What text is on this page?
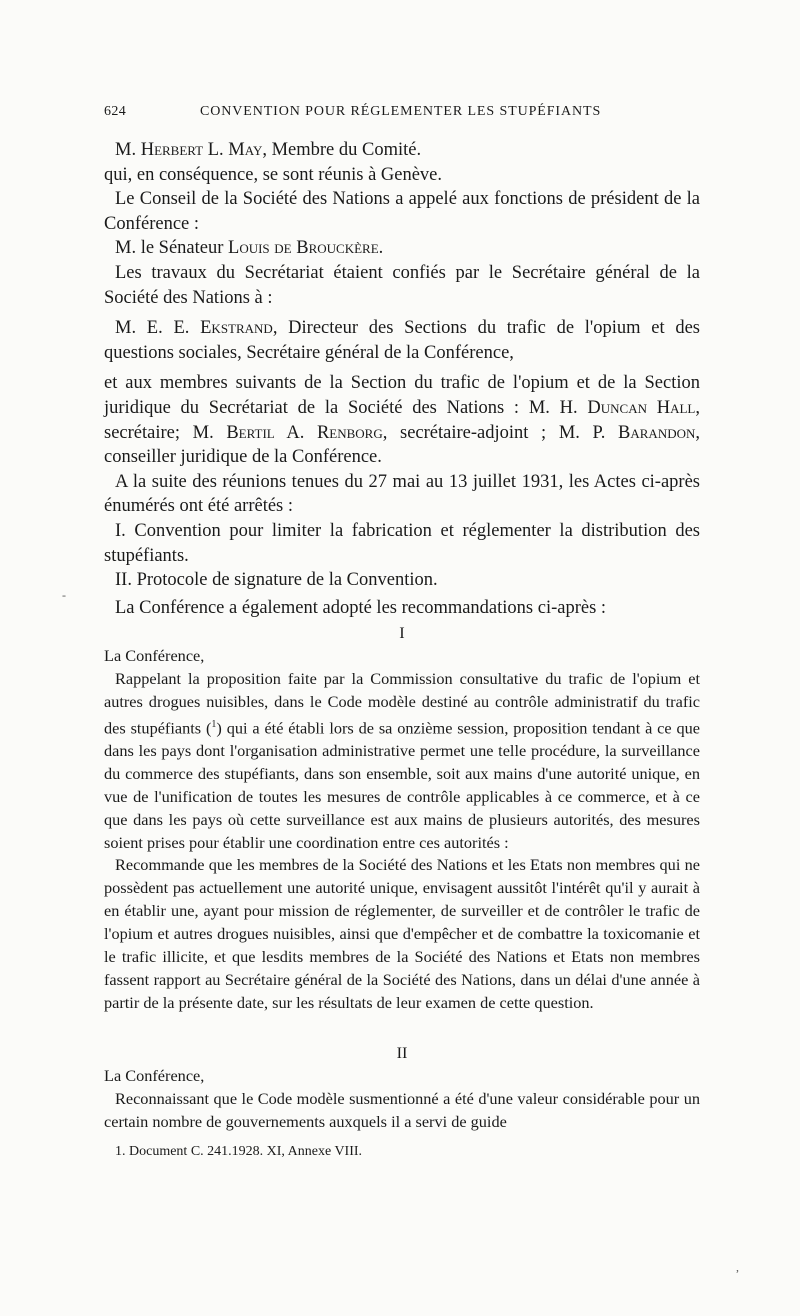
624	CONVENTION POUR RÉGLEMENTER LES STUPÉFIANTS

M. Herbert L. May, Membre du Comité.

qui, en conséquence, se sont réunis à Genève.

Le Conseil de la Société des Nations a appelé aux fonctions de président de la Conférence :

M. le Sénateur Louis de Brouckère.

Les travaux du Secrétariat étaient confiés par le Secrétaire général de la Société des Nations à :

M. E. E. Ekstrand, Directeur des Sections du trafic de l'opium et des questions sociales, Secrétaire général de la Conférence,

et aux membres suivants de la Section du trafic de l'opium et de la Section juridique du Secrétariat de la Société des Nations : M. H. Duncan Hall, secrétaire; M. Bertil A. Renborg, secrétaire-adjoint ; M. P. Barandon, conseiller juridique de la Conférence.

A la suite des réunions tenues du 27 mai au 13 juillet 1931, les Actes ci-après énumérés ont été arrêtés :

I. Convention pour limiter la fabrication et réglementer la distribution des stupéfiants.

II. Protocole de signature de la Convention.

La Conférence a également adopté les recommandations ci-après :

I

La Conférence,

Rappelant la proposition faite par la Commission consultative du trafic de l'opium et autres drogues nuisibles, dans le Code modèle destiné au contrôle administratif du trafic des stupéfiants ($^1$) qui a été établi lors de sa onzième session, proposition tendant à ce que dans les pays dont l'organisation administrative permet une telle procédure, la surveillance du commerce des stupéfiants, dans son ensemble, soit aux mains d'une autorité unique, en vue de l'unification de toutes les mesures de contrôle applicables à ce commerce, et à ce que dans les pays où cette surveillance est aux mains de plusieurs autorités, des mesures soient prises pour établir une coordination entre ces autorités :

Recommande que les membres de la Société des Nations et les Etats non membres qui ne possèdent pas actuellement une autorité unique, envisagent aussitôt l'intérêt qu'il y aurait à en établir une, ayant pour mission de réglementer, de surveiller et de contrôler le trafic de l'opium et autres drogues nuisibles, ainsi que d'empêcher et de combattre la toxicomanie et le trafic illicite, et que lesdits membres de la Société des Nations et Etats non membres fassent rapport au Secrétaire général de la Société des Nations, dans un délai d'une année à partir de la présente date, sur les résultats de leur examen de cette question.

II

La Conférence,

Reconnaissant que le Code modèle susmentionné a été d'une valeur considérable pour un certain nombre de gouvernements auxquels il a servi de guide

1. Document C. 241.1928. XI, Annexe VIII.

-
,
